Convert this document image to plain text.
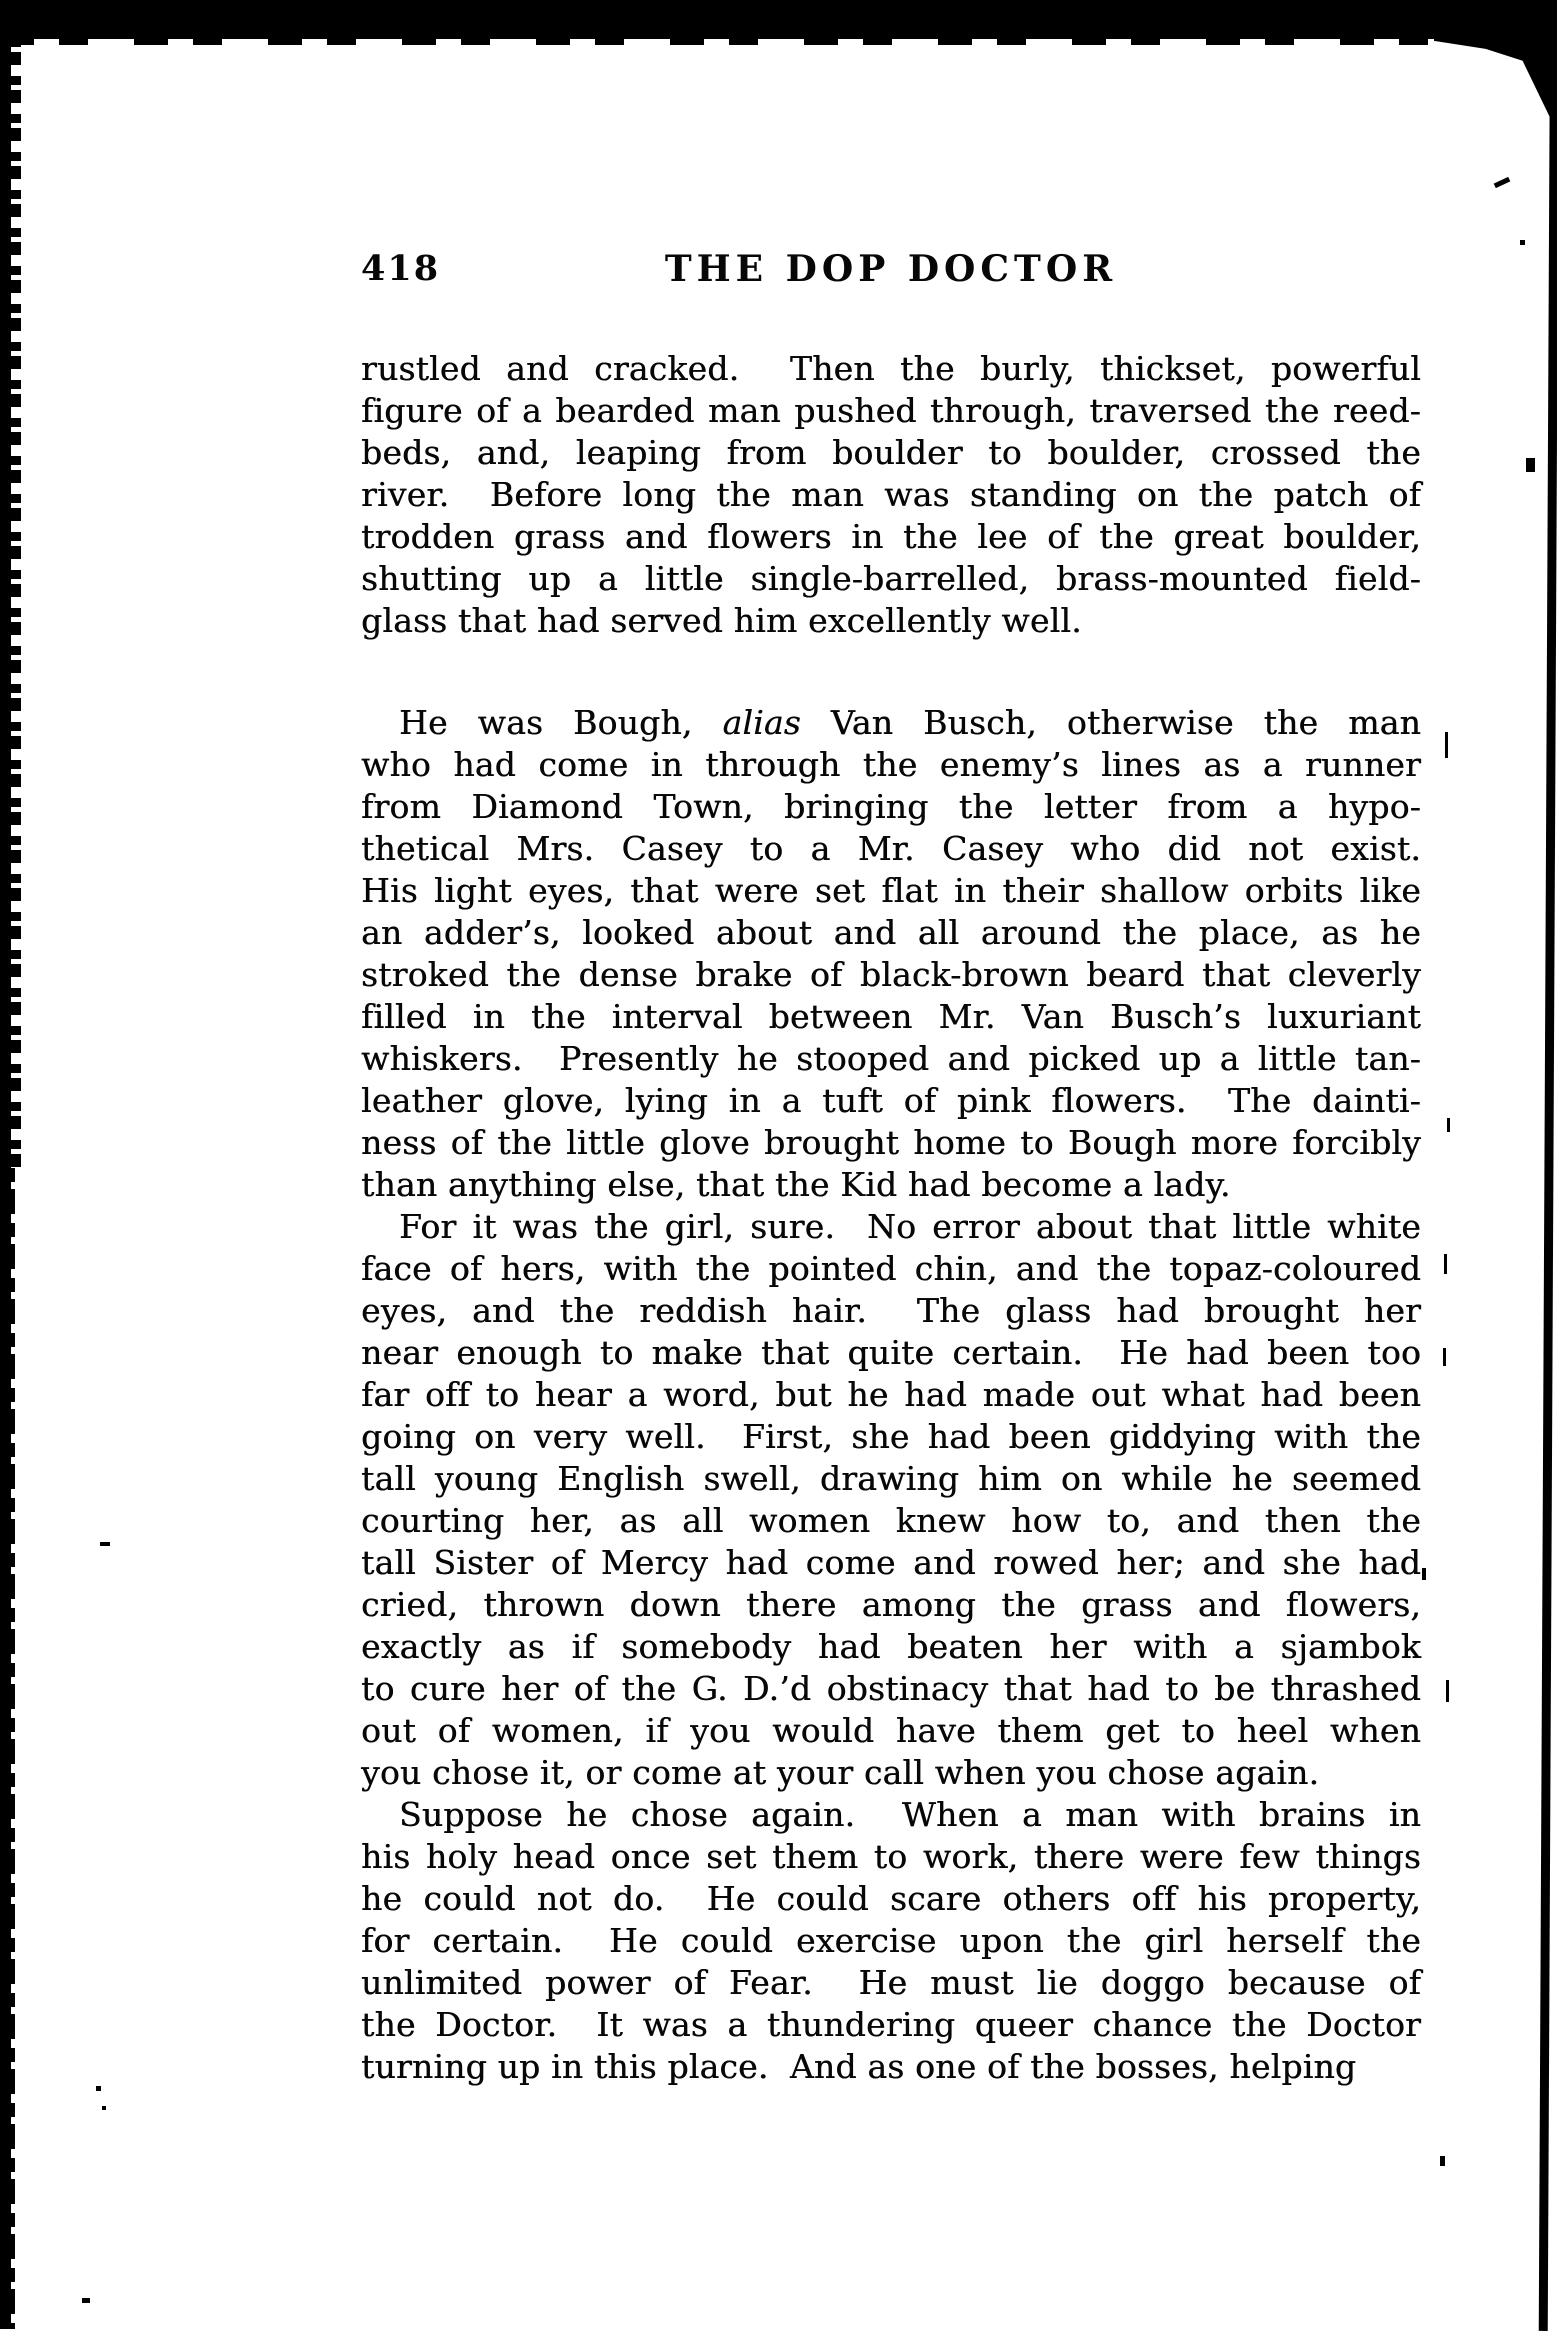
418	THE DOP DOCTOR

rustled and cracked.  Then the burly, thickset, powerful
figure of a bearded man pushed through, traversed the reed-
beds, and, leaping from boulder to boulder, crossed the
river.  Before long the man was standing on the patch of
trodden grass and flowers in the lee of the great boulder,
shutting up a little single-barrelled, brass-mounted field-
glass that had served him excellently well.

He was Bough, alias Van Busch, otherwise the man
who had come in through the enemy’s lines as a runner
from Diamond Town, bringing the letter from a hypo-
thetical Mrs. Casey to a Mr. Casey who did not exist.
His light eyes, that were set flat in their shallow orbits like
an adder’s, looked about and all around the place, as he
stroked the dense brake of black-brown beard that cleverly
filled in the interval between Mr. Van Busch’s luxuriant
whiskers.  Presently he stooped and picked up a little tan-
leather glove, lying in a tuft of pink flowers.  The dainti-
ness of the little glove brought home to Bough more forcibly
than anything else, that the Kid had become a lady.

For it was the girl, sure.  No error about that little white
face of hers, with the pointed chin, and the topaz-coloured
eyes, and the reddish hair.  The glass had brought her
near enough to make that quite certain.  He had been too
far off to hear a word, but he had made out what had been
going on very well.  First, she had been giddying with the
tall young English swell, drawing him on while he seemed
courting her, as all women knew how to, and then the
tall Sister of Mercy had come and rowed her; and she had
cried, thrown down there among the grass and flowers,
exactly as if somebody had beaten her with a sjambok
to cure her of the G. D.’d obstinacy that had to be thrashed
out of women, if you would have them get to heel when
you chose it, or come at your call when you chose again.

Suppose he chose again.  When a man with brains in
his holy head once set them to work, there were few things
he could not do.  He could scare others off his property,
for certain.  He could exercise upon the girl herself the
unlimited power of Fear.  He must lie doggo because of
the Doctor.  It was a thundering queer chance the Doctor
turning up in this place.  And as one of the bosses, helping
